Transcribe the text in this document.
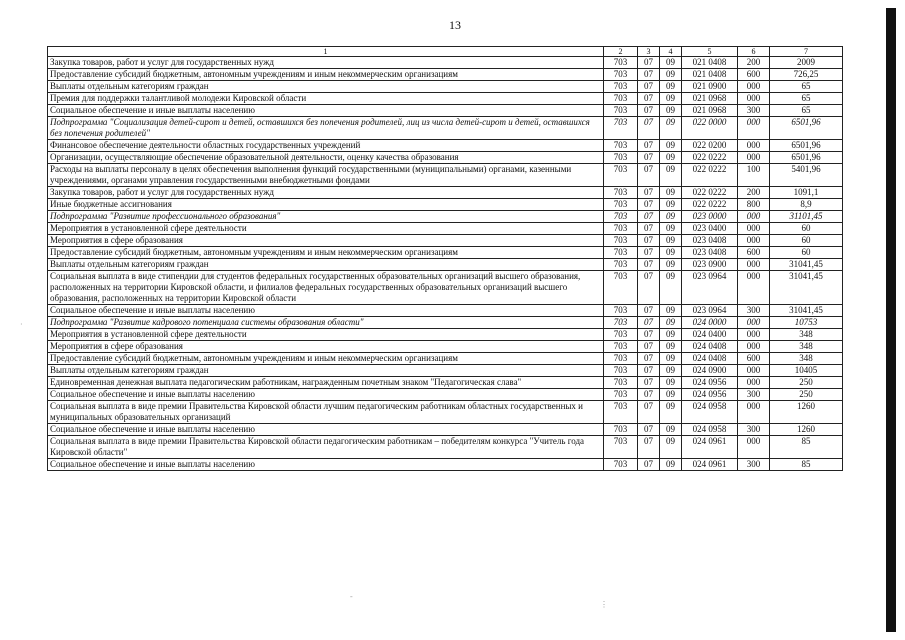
13
1	2	3	4	5	6	7
Закупка товаров, работ и услуг для государственных нужд	703	07	09	021 0408	200	2009
Предоставление субсидий бюджетным, автономным учреждениям и иным некоммерческим организациям	703	07	09	021 0408	600	726,25
Выплаты отдельным категориям граждан	703	07	09	021 0900	000	65
Премия для поддержки талантливой молодежи Кировской области	703	07	09	021 0968	000	65
Социальное обеспечение и иные выплаты населению	703	07	09	021 0968	300	65
Подпрограмма "Социализация детей-сирот и детей, оставшихся без попечения родителей, лиц из числа детей-сирот и детей, оставшихся без попечения родителей"	703	07	09	022 0000	000	6501,96
Финансовое обеспечение деятельности областных государственных учреждений	703	07	09	022 0200	000	6501,96
Организации, осуществляющие обеспечение образовательной деятельности, оценку качества образования	703	07	09	022 0222	000	6501,96
Расходы на выплаты персоналу в целях обеспечения выполнения функций государственными (муниципальными) органами, казенными учреждениями, органами управления государственными внебюджетными фондами	703	07	09	022 0222	100	5401,96
Закупка товаров, работ и услуг для государственных нужд	703	07	09	022 0222	200	1091,1
Иные бюджетные ассигнования	703	07	09	022 0222	800	8,9
Подпрограмма "Развитие профессионального образования"	703	07	09	023 0000	000	31101,45
Мероприятия в установленной сфере деятельности	703	07	09	023 0400	000	60
Мероприятия в сфере образования	703	07	09	023 0408	000	60
Предоставление субсидий бюджетным, автономным учреждениям и иным некоммерческим организациям	703	07	09	023 0408	600	60
Выплаты отдельным категориям граждан	703	07	09	023 0900	000	31041,45
Социальная выплата в виде стипендии для студентов федеральных государственных образовательных организаций высшего образования, расположенных на территории Кировской области, и филиалов федеральных государственных образовательных организаций высшего образования, расположенных на территории Кировской области	703	07	09	023 0964	000	31041,45
Социальное обеспечение и иные выплаты населению	703	07	09	023 0964	300	31041,45
Подпрограмма "Развитие кадрового потенциала системы образования области"	703	07	09	024 0000	000	10753
Мероприятия в установленной сфере деятельности	703	07	09	024 0400	000	348
Мероприятия в сфере образования	703	07	09	024 0408	000	348
Предоставление субсидий бюджетным, автономным учреждениям и иным некоммерческим организациям	703	07	09	024 0408	600	348
Выплаты отдельным категориям граждан	703	07	09	024 0900	000	10405
Единовременная денежная выплата педагогическим работникам, награжденным почетным знаком "Педагогическая слава"	703	07	09	024 0956	000	250
Социальное обеспечение и иные выплаты населению	703	07	09	024 0956	300	250
Социальная выплата в виде премии Правительства Кировской области лучшим педагогическим работникам областных государственных и муниципальных образовательных организаций	703	07	09	024 0958	000	1260
Социальное обеспечение и иные выплаты населению	703	07	09	024 0958	300	1260
Социальная выплата в виде премии Правительства Кировской области педагогическим работникам – победителям конкурса "Учитель года Кировской области"	703	07	09	024 0961	000	85
Социальное обеспечение и иные выплаты населению	703	07	09	024 0961	300	85
·
-
⋮
